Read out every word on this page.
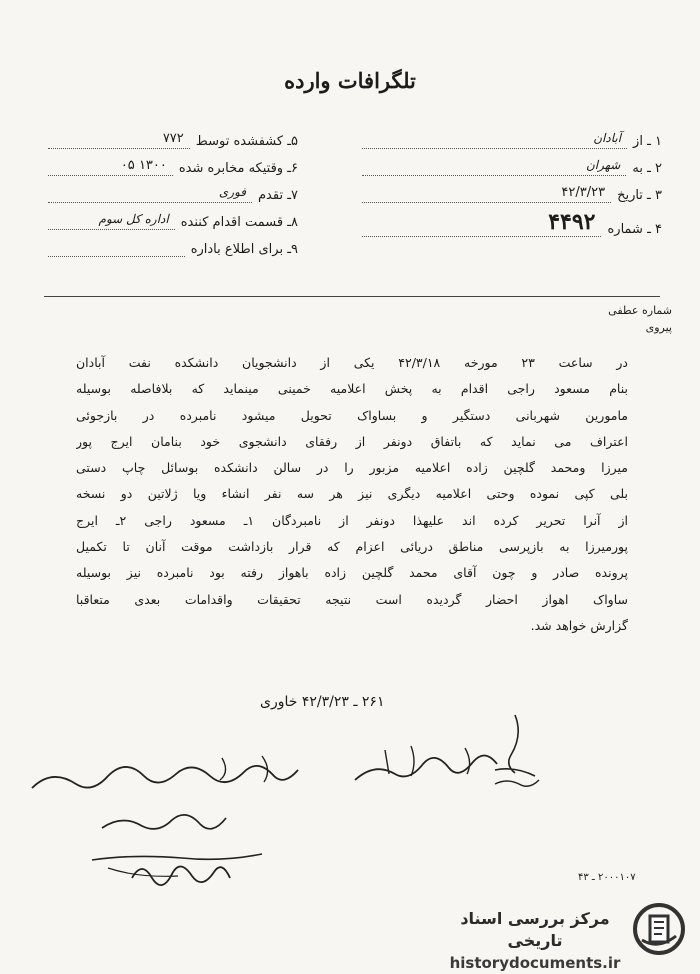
تلگرافات وارده
۱ ـ از
آبادان
۲ ـ به
شهران
۳ ـ تاریخ
۴۲/۳/۲۳
۴ ـ شماره
۴۴۹۲
۵ـ کشفشده توسط
۷۷۲
۶ـ وقتیکه مخابره شده
۱۳۰۰ ۰۵
۷ـ تقدم
فوری
۸ـ قسمت اقدام کننده
اداره کل سوم
۹ـ برای اطلاع باداره
شماره عطفی
پیروی

در ساعت ۲۳ مورخه ۴۲/۳/۱۸ یکی از دانشجویان دانشکده نفت آبادان

بنام مسعود راجی اقدام به پخش اعلامیه خمینی مینماید که بلافاصله بوسیله

مامورین شهربانی دستگیر و بساواک تحویل میشود نامبرده در بازجوئی

اعتراف می نماید که باتفاق دونفر از رفقای دانشجوی خود بنامان ایرج پور

میرزا ومحمد گلچین زاده اعلامیه مزبور را در سالن دانشکده بوسائل چاپ دستی

بلی کپی نموده وحتی اعلامیه دیگری نیز هر سه نفر انشاء ویا ژلاتین دو نسخه

از آنرا تحریر کرده اند علیهذا دونفر از نامبردگان ۱ـ مسعود راجی ۲ـ ایرج

پورمیرزا به بازپرسی مناطق دریائی اعزام که قرار بازداشت موقت آنان تا تکمیل

پرونده صادر و چون آقای محمد گلچین زاده باهواز رفته بود نامبرده نیز بوسیله

ساواک اهواز احضار گردیده است نتیجه تحقیقات واقدامات بعدی متعاقبا

گزارش خواهد شد.

۲۶۱ ـ ۴۲/۳/۲۳ خاوری
۲۰۰۰۱۰۷ ـ ۴۳
مرکز بررسی اسناد تاریخی
historydocuments.ir
